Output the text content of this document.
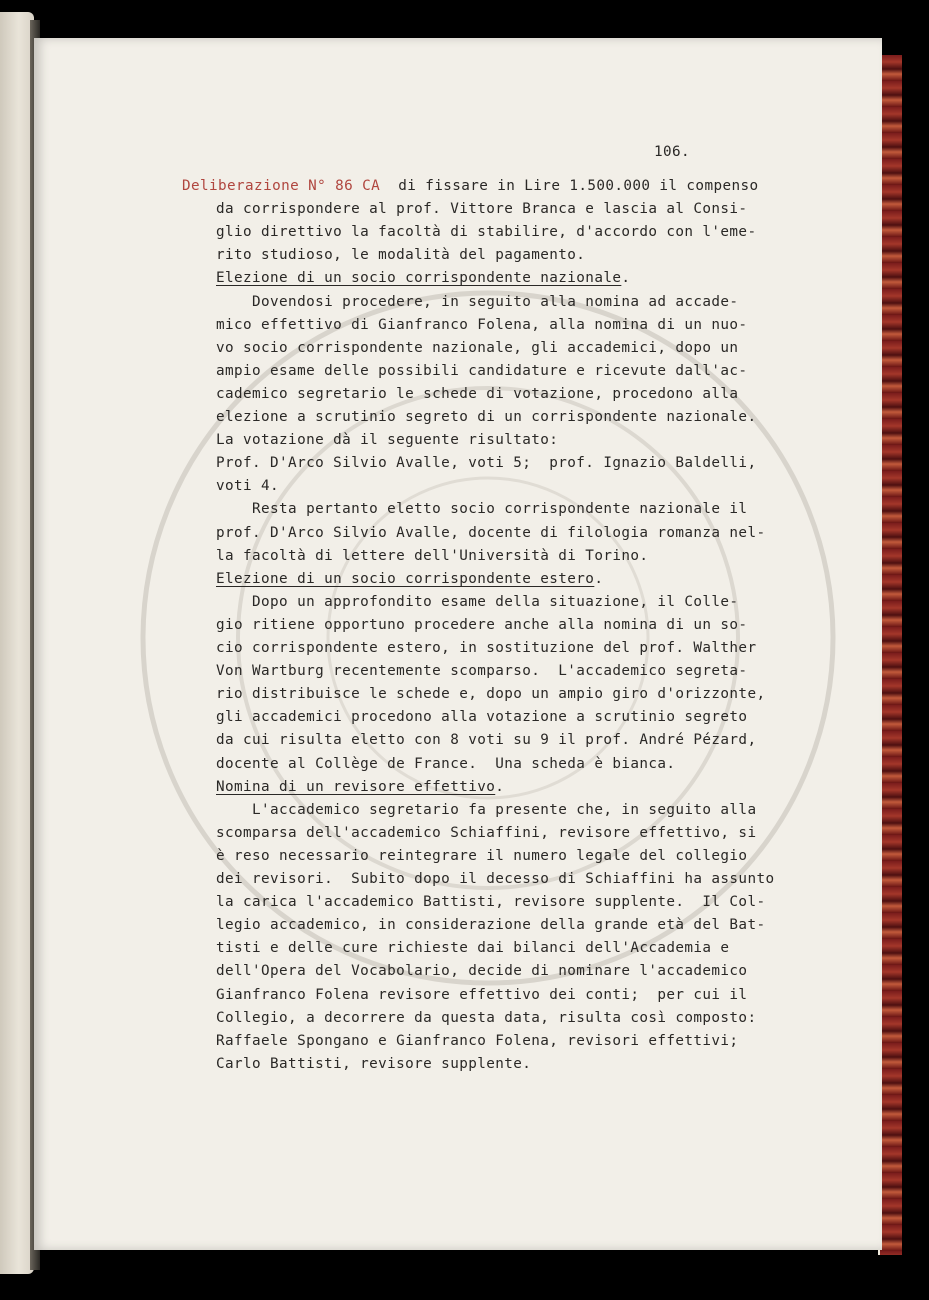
106.
Deliberazione N° 86 CA di fissare in Lire 1.500.000 il compenso
da corrispondere al prof. Vittore Branca e lascia al Consi-
glio direttivo la facoltà di stabilire, d'accordo con l'eme-
rito studioso, le modalità del pagamento.
Elezione di un socio corrispondente nazionale.
Dovendosi procedere, in seguito alla nomina ad accade-
mico effettivo di Gianfranco Folena, alla nomina di un nuo-
vo socio corrispondente nazionale, gli accademici, dopo un
ampio esame delle possibili candidature e ricevute dall'ac-
cademico segretario le schede di votazione, procedono alla
elezione a scrutinio segreto di un corrispondente nazionale.
La votazione dà il seguente risultato:
Prof. D'Arco Silvio Avalle, voti 5;  prof. Ignazio Baldelli,
voti 4.
Resta pertanto eletto socio corrispondente nazionale il
prof. D'Arco Silvio Avalle, docente di filologia romanza nel-
la facoltà di lettere dell'Università di Torino.
Elezione di un socio corrispondente estero.
Dopo un approfondito esame della situazione, il Colle-
gio ritiene opportuno procedere anche alla nomina di un so-
cio corrispondente estero, in sostituzione del prof. Walther
Von Wartburg recentemente scomparso.  L'accademico segreta-
rio distribuisce le schede e, dopo un ampio giro d'orizzonte,
gli accademici procedono alla votazione a scrutinio segreto
da cui risulta eletto con 8 voti su 9 il prof. André Pézard,
docente al Collège de France.  Una scheda è bianca.
Nomina di un revisore effettivo.
L'accademico segretario fa presente che, in seguito alla
scomparsa dell'accademico Schiaffini, revisore effettivo, si
è reso necessario reintegrare il numero legale del collegio
dei revisori.  Subito dopo il decesso di Schiaffini ha assunto
la carica l'accademico Battisti, revisore supplente.  Il Col-
legio accademico, in considerazione della grande età del Bat-
tisti e delle cure richieste dai bilanci dell'Accademia e
dell'Opera del Vocabolario, decide di nominare l'accademico
Gianfranco Folena revisore effettivo dei conti;  per cui il
Collegio, a decorrere da questa data, risulta così composto:
Raffaele Spongano e Gianfranco Folena, revisori effettivi;
Carlo Battisti, revisore supplente.
